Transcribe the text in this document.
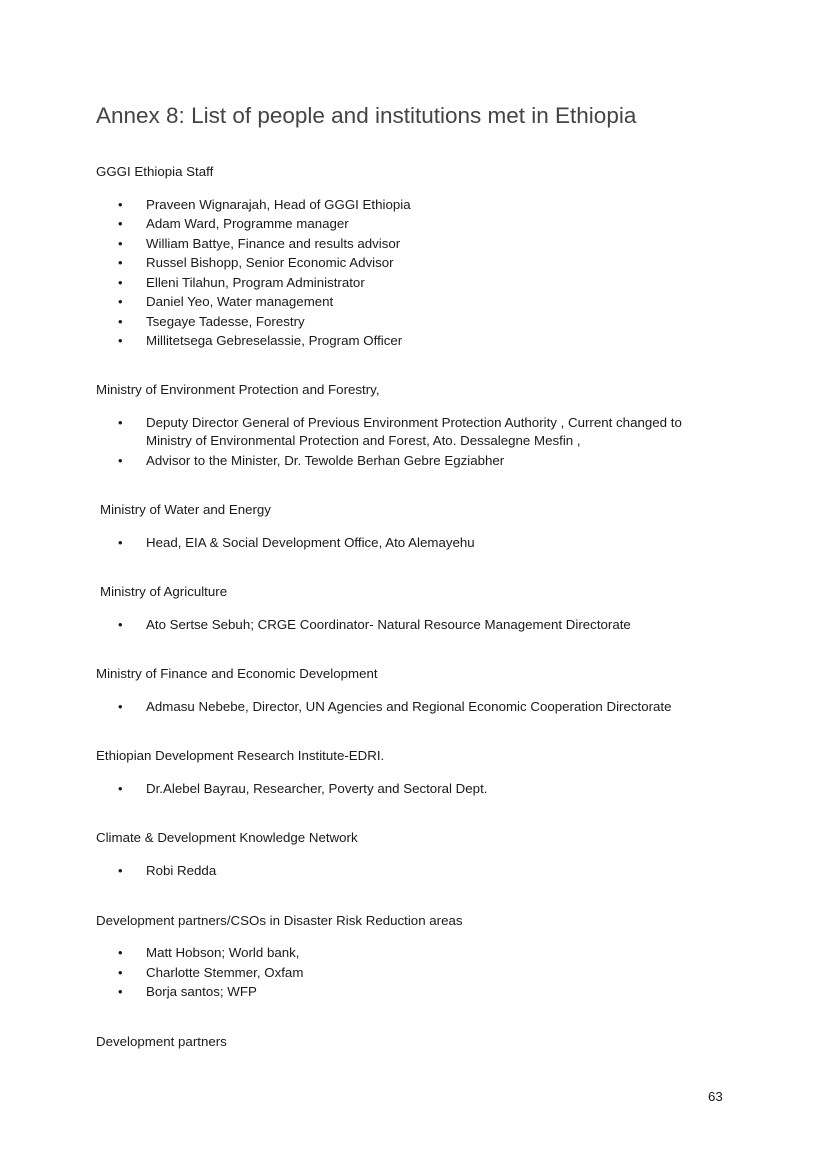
Annex 8: List of people and institutions met in Ethiopia

GGGI Ethiopia Staff

• Praveen Wignarajah, Head of GGGI Ethiopia
• Adam Ward, Programme manager
• William Battye, Finance and results advisor
• Russel Bishopp, Senior Economic Advisor
• Elleni Tilahun, Program Administrator
• Daniel Yeo, Water management
• Tsegaye Tadesse, Forestry
• Millitetsega Gebreselassie, Program Officer

Ministry of Environment Protection and Forestry,

• Deputy Director General of Previous Environment Protection Authority , Current changed to
Ministry of Environmental Protection and Forest, Ato. Dessalegne Mesfin ,
• Advisor to the Minister, Dr. Tewolde Berhan Gebre Egziabher

Ministry of Water and Energy

• Head, EIA & Social Development Office, Ato Alemayehu

Ministry of Agriculture

• Ato Sertse Sebuh; CRGE Coordinator- Natural Resource Management Directorate

Ministry of Finance and Economic Development

• Admasu Nebebe, Director, UN Agencies and Regional Economic Cooperation Directorate

Ethiopian Development Research Institute-EDRI.

• Dr.Alebel Bayrau, Researcher, Poverty and Sectoral Dept.

Climate & Development Knowledge Network

• Robi Redda

Development partners/CSOs in Disaster Risk Reduction areas

• Matt Hobson; World bank,
• Charlotte Stemmer, Oxfam
• Borja santos; WFP

Development partners

63
